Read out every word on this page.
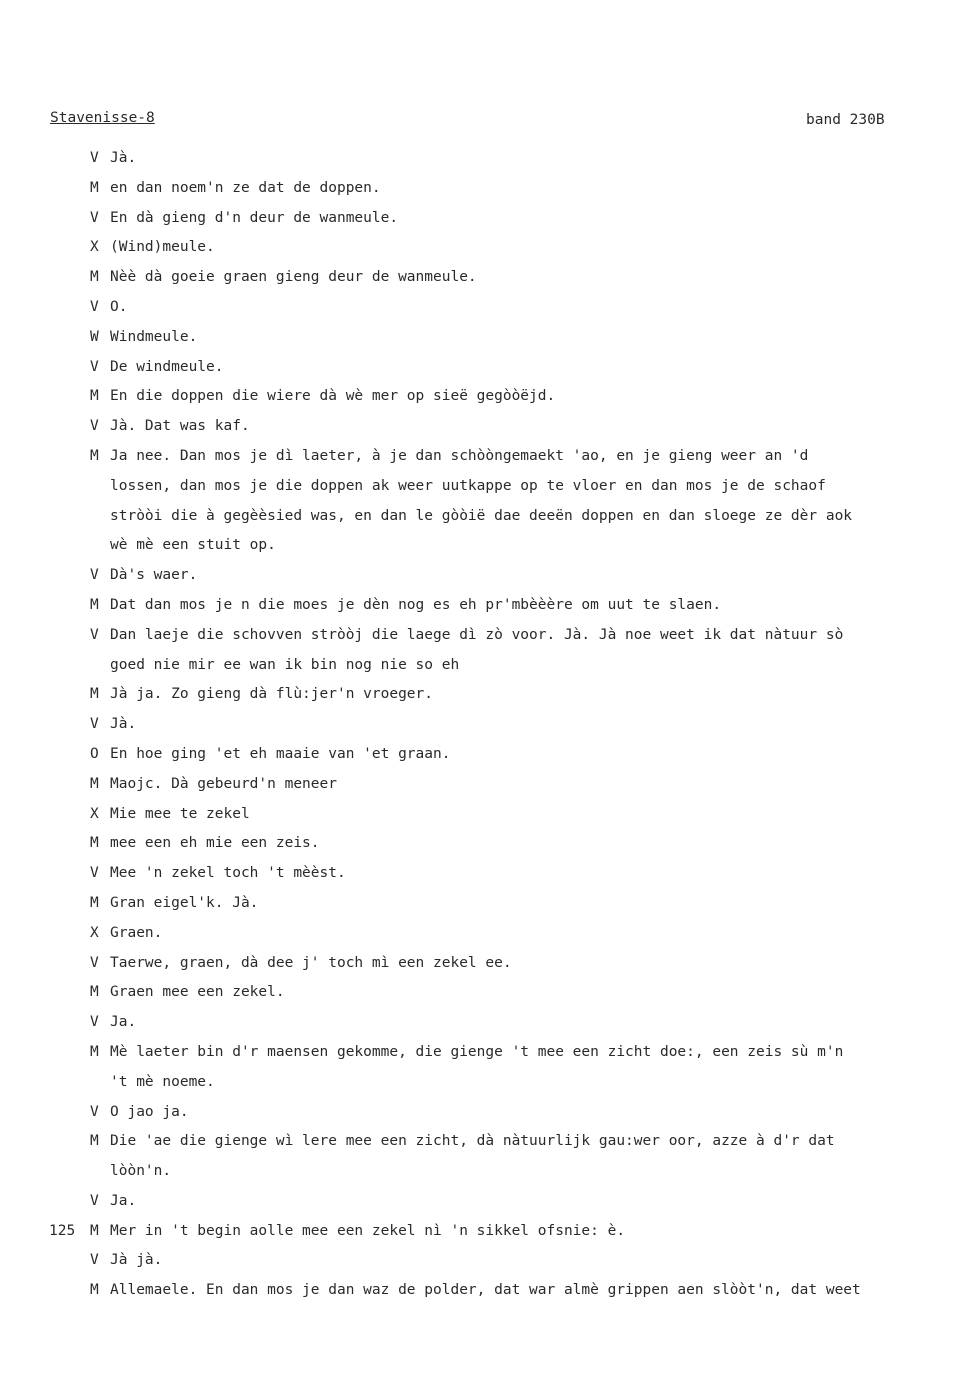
Stavenisse-8	band 230B
V Jà.
M en dan noem'n ze dat de doppen.
V En dà gieng d'n deur de wanmeule.
X (Wind)meule.
M Nèè dà goeie graen gieng deur de wanmeule.
V O.
W Windmeule.
V De windmeule.
M En die doppen die wiere dà wè mer op sieë gegòòëjd.
V Jà. Dat was kaf.
M Ja nee. Dan mos je dì laeter, à je dan schòòngemaekt 'ao, en je gieng weer an 'd
lossen, dan mos je die doppen ak weer uutkappe op te vloer en dan mos je de schaof
stròòi die à gegèèsied was, en dan le gòòië dae deeën doppen en dan sloege ze dèr aok
wè mè een stuit op.
V Dà's waer.
M Dat dan mos je n die moes je dèn nog es eh pr'mbèèère om uut te slaen.
V Dan laeje die schovven stròòj die laege dì zò voor. Jà. Jà noe weet ik dat nàtuur sò
goed nie mir ee wan ik bin nog nie so eh
M Jà ja. Zo gieng dà flù:jer'n vroeger.
V Jà.
O En hoe ging 'et eh maaie van 'et graan.
M Maojc. Dà gebeurd'n meneer
X Mie mee te zekel
M mee een eh mie een zeis.
V Mee 'n zekel toch 't mèèst.
M Gran eigel'k. Jà.
X Graen.
V Taerwe, graen, dà dee j' toch mì een zekel ee.
M Graen mee een zekel.
V Ja.
M Mè laeter bin d'r maensen gekomme, die gienge 't mee een zicht doe:, een zeis sù m'n
't mè noeme.
V O jao ja.
M Die 'ae die gienge wì lere mee een zicht, dà nàtuurlijk gau:wer oor, azze à d'r dat
lòòn'n.
V Ja.
125 M Mer in 't begin aolle mee een zekel nì 'n sikkel ofsnie: è.
V Jà jà.
M Allemaele. En dan mos je dan waz de polder, dat war almè grippen aen slòòt'n, dat weet
